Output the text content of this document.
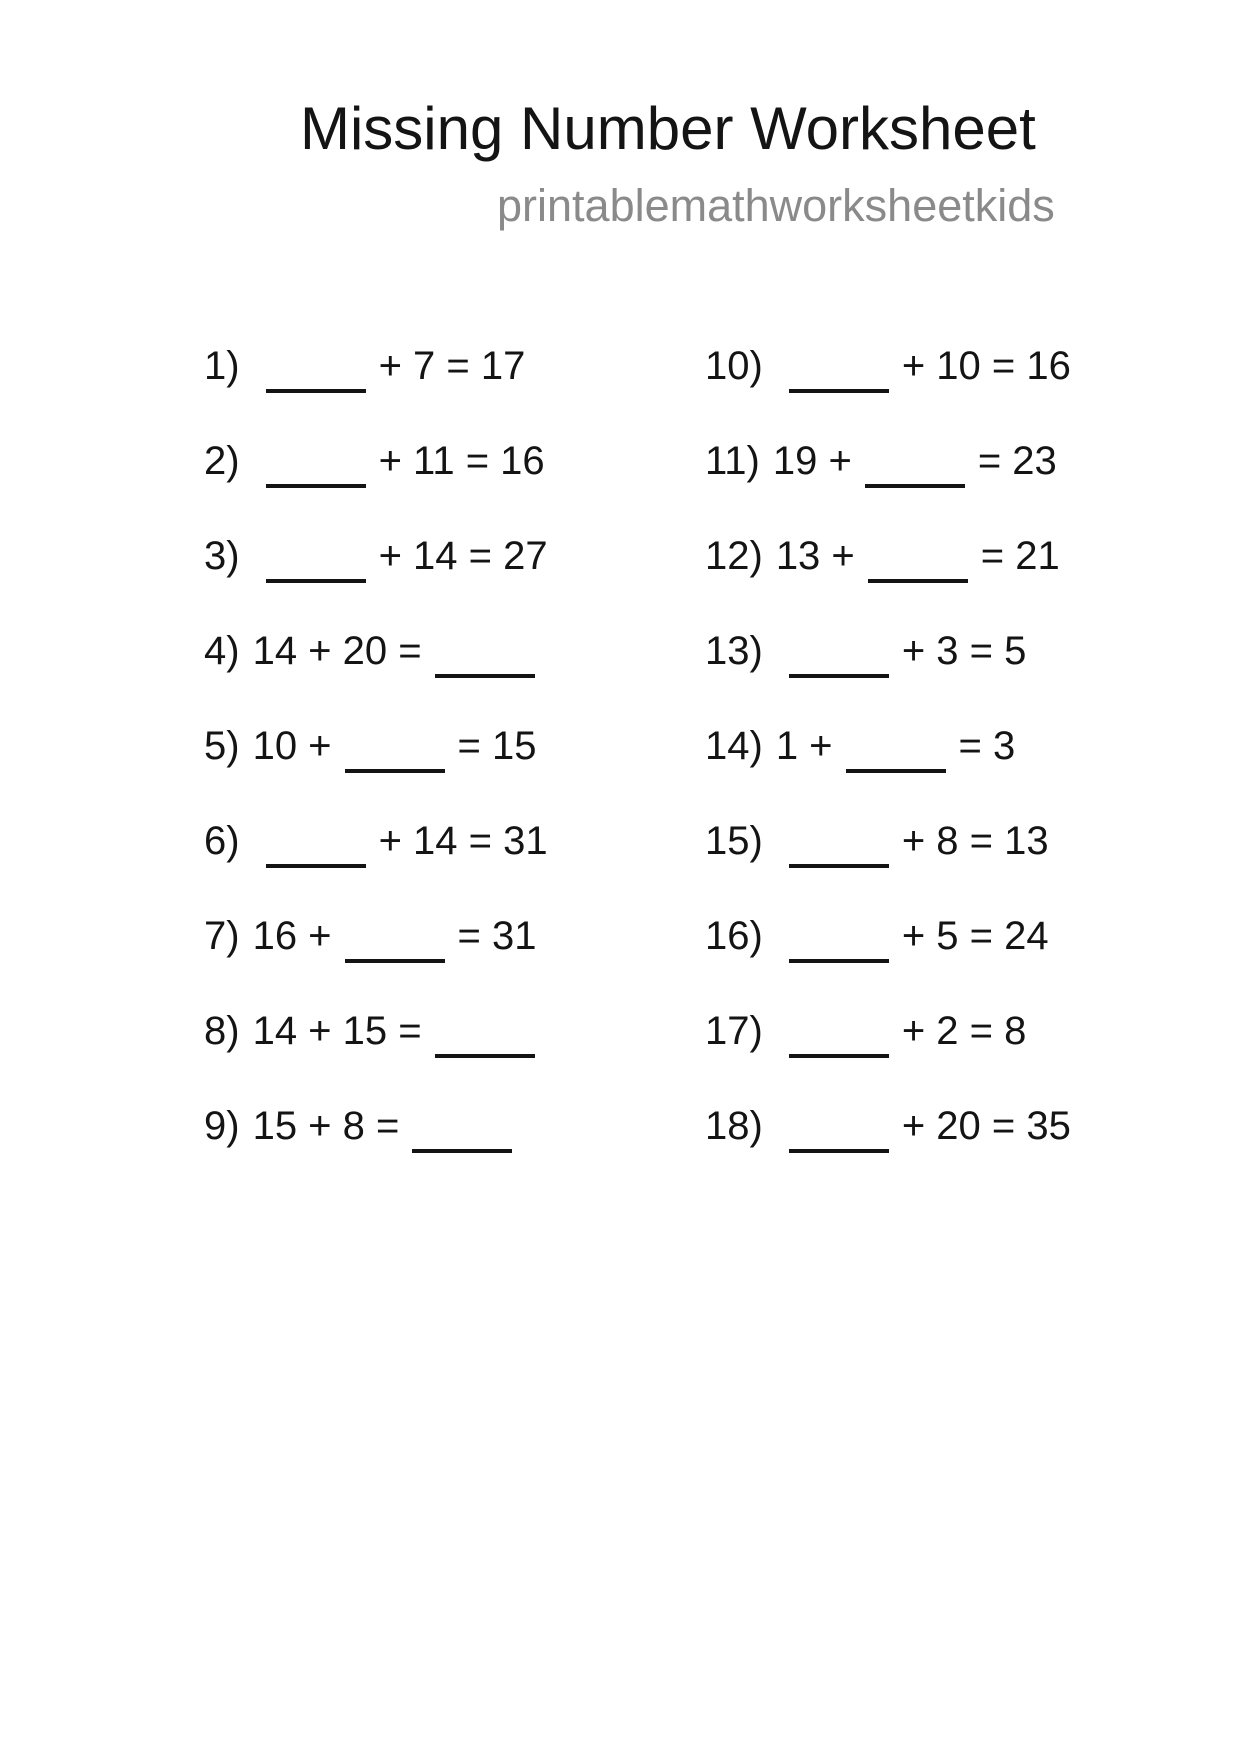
Missing Number Worksheet
printablemathworksheetkids
1)	+ 7 = 17
2)	+ 11 = 16
3)	+ 14 = 27
4) 14 + 20 =
5) 10 +	= 15
6)	+ 14 = 31
7) 16 +	= 31
8) 14 + 15 =
9) 15 + 8 =
10)	+ 10 = 16
11) 19 +	= 23
12) 13 +	= 21
13)	+ 3 = 5
14) 1 +	= 3
15)	+ 8 = 13
16)	+ 5 = 24
17)	+ 2 = 8
18)	+ 20 = 35
